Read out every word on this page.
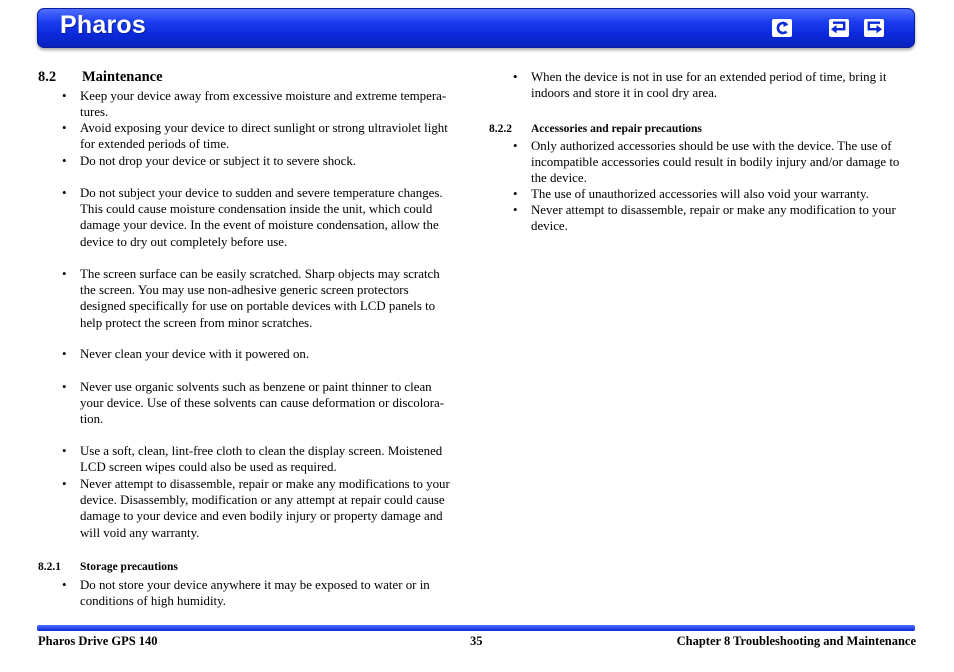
Pharos
8.2 Maintenance
• Keep your device away from excessive moisture and extreme tempera-
tures.
• Avoid exposing your device to direct sunlight or strong ultraviolet light
for extended periods of time.
• Do not drop your device or subject it to severe shock.
• Do not subject your device to sudden and severe temperature changes.
This could cause moisture condensation inside the unit, which could
damage your device. In the event of moisture condensation, allow the
device to dry out completely before use.
• The screen surface can be easily scratched. Sharp objects may scratch
the screen. You may use non-adhesive generic screen protectors
designed specifically for use on portable devices with LCD panels to
help protect the screen from minor scratches.
• Never clean your device with it powered on.
• Never use organic solvents such as benzene or paint thinner to clean
your device. Use of these solvents can cause deformation or discolora-
tion.
• Use a soft, clean, lint-free cloth to clean the display screen. Moistened
LCD screen wipes could also be used as required.
• Never attempt to disassemble, repair or make any modifications to your
device. Disassembly, modification or any attempt at repair could cause
damage to your device and even bodily injury or property damage and
will void any warranty.
8.2.1 Storage precautions
• Do not store your device anywhere it may be exposed to water or in
conditions of high humidity.
• When the device is not in use for an extended period of time, bring it
indoors and store it in cool dry area.
8.2.2 Accessories and repair precautions
• Only authorized accessories should be use with the device. The use of
incompatible accessories could result in bodily injury and/or damage to
the device.
• The use of unauthorized accessories will also void your warranty.
• Never attempt to disassemble, repair or make any modification to your
device.
Pharos Drive GPS 140	35	Chapter 8 Troubleshooting and Maintenance
